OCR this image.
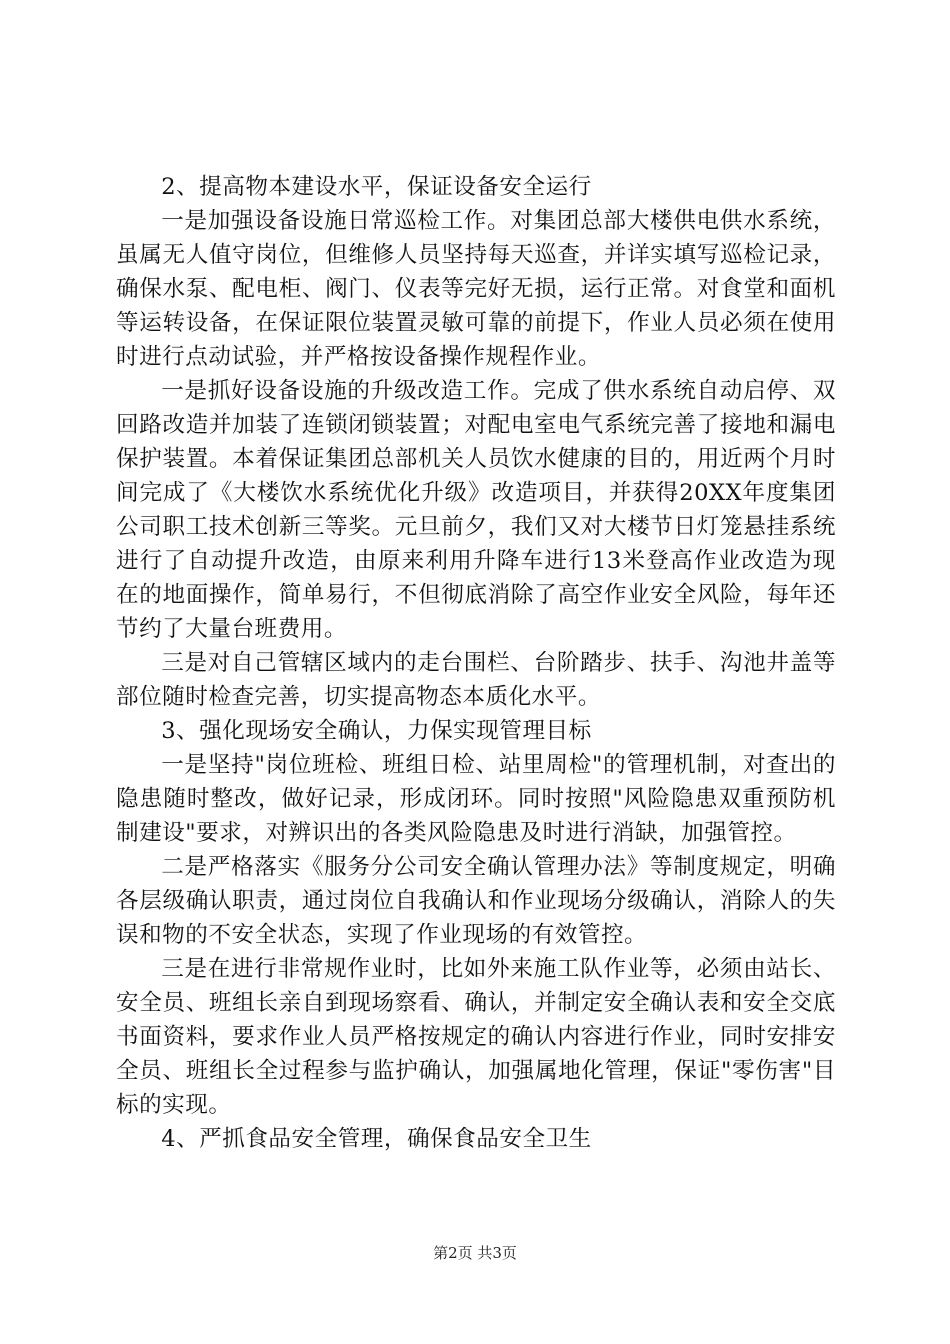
2、提高物本建设水平，保证设备安全运行

一是加强设备设施日常巡检工作。对集团总部大楼供电供水系统，虽属无人值守岗位，但维修人员坚持每天巡查，并详实填写巡检记录，确保水泵、配电柜、阀门、仪表等完好无损，运行正常。对食堂和面机等运转设备，在保证限位装置灵敏可靠的前提下，作业人员必须在使用时进行点动试验，并严格按设备操作规程作业。

一是抓好设备设施的升级改造工作。完成了供水系统自动启停、双回路改造并加装了连锁闭锁装置；对配电室电气系统完善了接地和漏电保护装置。本着保证集团总部机关人员饮水健康的目的，用近两个月时间完成了《大楼饮水系统优化升级》改造项目，并获得20XX年度集团公司职工技术创新三等奖。元旦前夕，我们又对大楼节日灯笼悬挂系统进行了自动提升改造，由原来利用升降车进行13米登高作业改造为现在的地面操作，简单易行，不但彻底消除了高空作业安全风险，每年还节约了大量台班费用。

三是对自己管辖区域内的走台围栏、台阶踏步、扶手、沟池井盖等部位随时检查完善，切实提高物态本质化水平。

3、强化现场安全确认，力保实现管理目标

一是坚持"岗位班检、班组日检、站里周检"的管理机制，对查出的隐患随时整改，做好记录，形成闭环。同时按照"风险隐患双重预防机制建设"要求，对辨识出的各类风险隐患及时进行消缺，加强管控。

二是严格落实《服务分公司安全确认管理办法》等制度规定，明确各层级确认职责，通过岗位自我确认和作业现场分级确认，消除人的失误和物的不安全状态，实现了作业现场的有效管控。

三是在进行非常规作业时，比如外来施工队作业等，必须由站长、安全员、班组长亲自到现场察看、确认，并制定安全确认表和安全交底书面资料，要求作业人员严格按规定的确认内容进行作业，同时安排安全员、班组长全过程参与监护确认，加强属地化管理，保证"零伤害"目标的实现。

4、严抓食品安全管理，确保食品安全卫生

第2页 共3页
